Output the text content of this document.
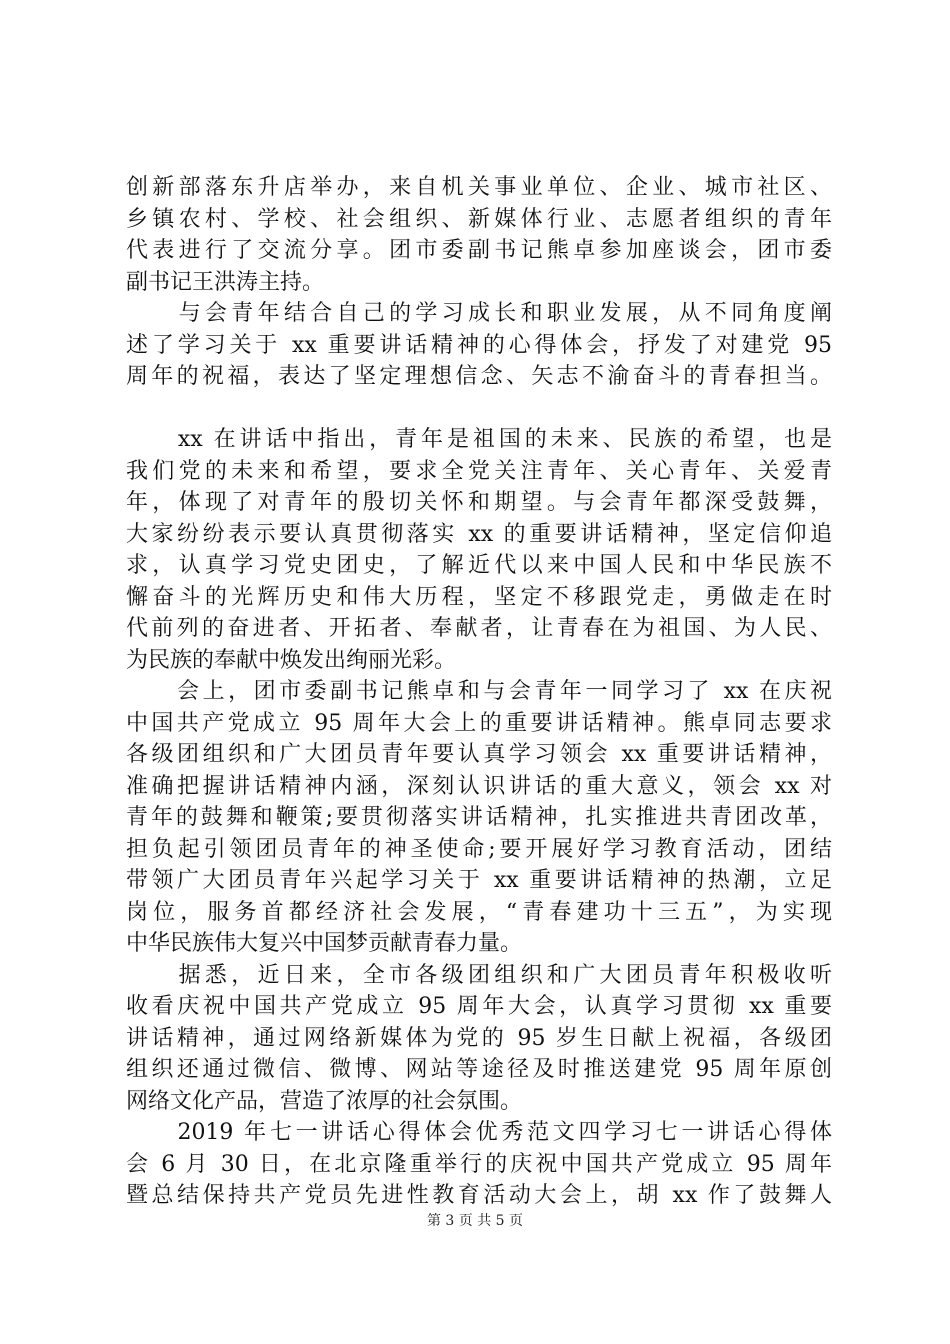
创新部落东升店举办，来自机关事业单位、企业、城市社区、
乡镇农村、学校、社会组织、新媒体行业、志愿者组织的青年
代表进行了交流分享。团市委副书记熊卓参加座谈会，团市委
副书记王洪涛主持。
　　与会青年结合自己的学习成长和职业发展，从不同角度阐
述了学习关于 xx 重要讲话精神的心得体会，抒发了对建党 95
周年的祝福，表达了坚定理想信念、矢志不渝奋斗的青春担当。
　　xx 在讲话中指出，青年是祖国的未来、民族的希望，也是
我们党的未来和希望，要求全党关注青年、关心青年、关爱青
年，体现了对青年的殷切关怀和期望。与会青年都深受鼓舞，
大家纷纷表示要认真贯彻落实 xx 的重要讲话精神，坚定信仰追
求，认真学习党史团史，了解近代以来中国人民和中华民族不
懈奋斗的光辉历史和伟大历程，坚定不移跟党走，勇做走在时
代前列的奋进者、开拓者、奉献者，让青春在为祖国、为人民、
为民族的奉献中焕发出绚丽光彩。
　　会上，团市委副书记熊卓和与会青年一同学习了 xx 在庆祝
中国共产党成立 95 周年大会上的重要讲话精神。熊卓同志要求
各级团组织和广大团员青年要认真学习领会 xx 重要讲话精神，
准确把握讲话精神内涵，深刻认识讲话的重大意义，领会 xx 对
青年的鼓舞和鞭策;要贯彻落实讲话精神，扎实推进共青团改革，
担负起引领团员青年的神圣使命;要开展好学习教育活动，团结
带领广大团员青年兴起学习关于 xx 重要讲话精神的热潮，立足
岗位，服务首都经济社会发展，“青春建功十三五”，为实现
中华民族伟大复兴中国梦贡献青春力量。
　　据悉，近日来，全市各级团组织和广大团员青年积极收听
收看庆祝中国共产党成立 95 周年大会，认真学习贯彻 xx 重要
讲话精神，通过网络新媒体为党的 95 岁生日献上祝福，各级团
组织还通过微信、微博、网站等途径及时推送建党 95 周年原创
网络文化产品，营造了浓厚的社会氛围。
　　2019 年七一讲话心得体会优秀范文四学习七一讲话心得体
会 6 月 30 日，在北京隆重举行的庆祝中国共产党成立 95 周年
暨总结保持共产党员先进性教育活动大会上，胡 xx 作了鼓舞人
第 3 页 共 5 页
